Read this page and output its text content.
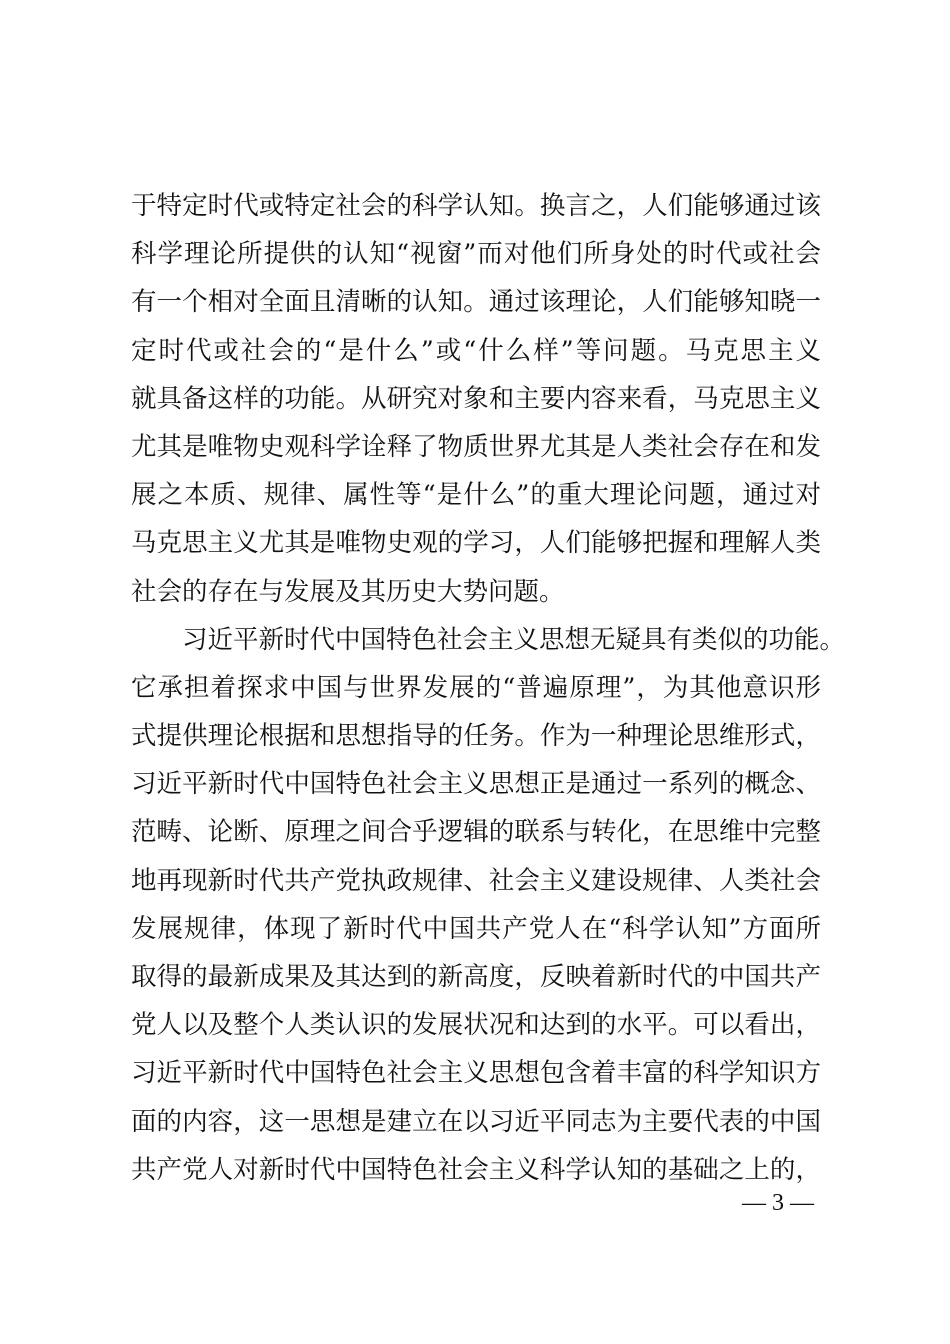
于特定时代或特定社会的科学认知。换言之，人们能够通过该
科学理论所提供的认知“视窗”而对他们所身处的时代或社会
有一个相对全面且清晰的认知。通过该理论，人们能够知晓一
定时代或社会的“是什么”或“什么样”等问题。马克思主义
就具备这样的功能。从研究对象和主要内容来看，马克思主义
尤其是唯物史观科学诠释了物质世界尤其是人类社会存在和发
展之本质、规律、属性等“是什么”的重大理论问题，通过对
马克思主义尤其是唯物史观的学习，人们能够把握和理解人类
社会的存在与发展及其历史大势问题。
习近平新时代中国特色社会主义思想无疑具有类似的功能。
它承担着探求中国与世界发展的“普遍原理”，为其他意识形
式提供理论根据和思想指导的任务。作为一种理论思维形式，
习近平新时代中国特色社会主义思想正是通过一系列的概念、
范畴、论断、原理之间合乎逻辑的联系与转化，在思维中完整
地再现新时代共产党执政规律、社会主义建设规律、人类社会
发展规律，体现了新时代中国共产党人在“科学认知”方面所
取得的最新成果及其达到的新高度，反映着新时代的中国共产
党人以及整个人类认识的发展状况和达到的水平。可以看出，
习近平新时代中国特色社会主义思想包含着丰富的科学知识方
面的内容，这一思想是建立在以习近平同志为主要代表的中国
共产党人对新时代中国特色社会主义科学认知的基础之上的，
— 3 —
